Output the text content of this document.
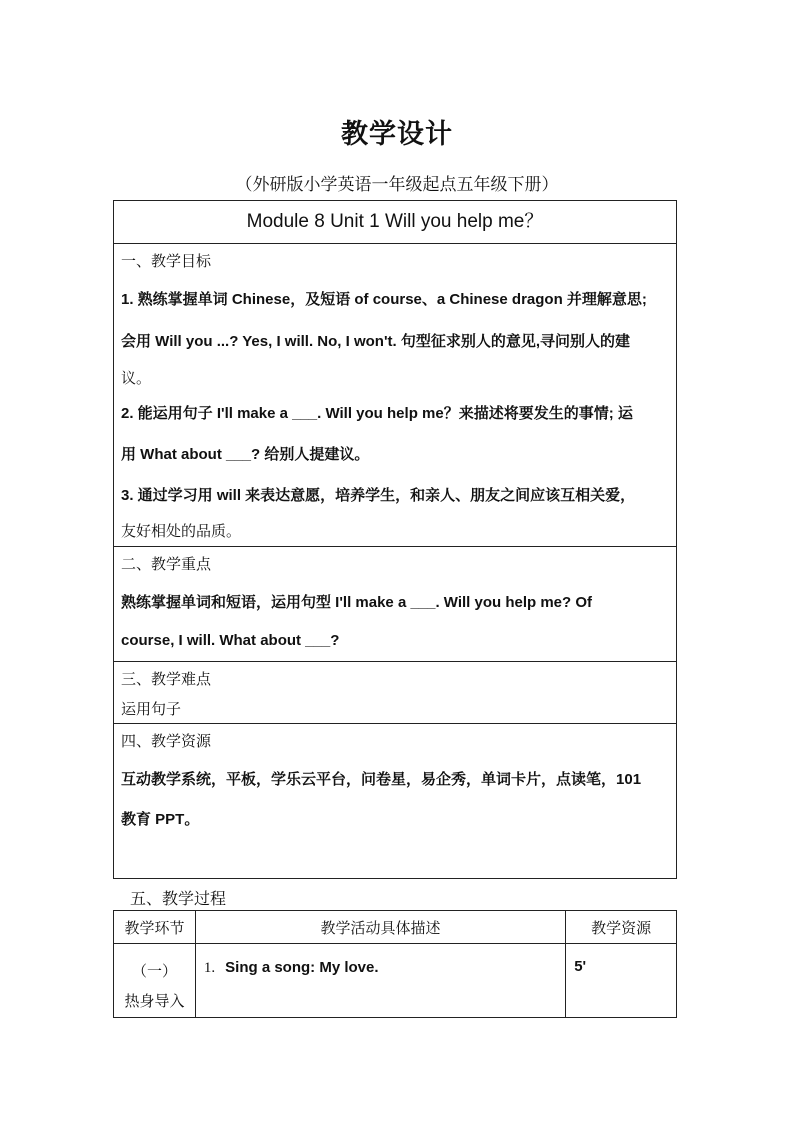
教学设计
（外研版小学英语一年级起点五年级下册）
Module 8 Unit 1 Will you help me？
一、教学目标
1. 熟练掌握单词 Chinese，及短语 of course、a Chinese dragon 并理解意思;
会用 Will you ...? Yes, I will. No, I won't. 句型征求别人的意见,寻问别人的建
议。
2. 能运用句子 I'll make a ___. Will you help me？来描述将要发生的事情; 运
用 What about ___? 给别人提建议。
3. 通过学习用 will 来表达意愿，培养学生，和亲人、朋友之间应该互相关爱，
友好相处的品质。
二、教学重点
熟练掌握单词和短语，运用句型 I'll make a ___. Will you help me? Of
course, I will. What about ___?
三、教学难点
运用句子
四、教学资源
互动教学系统，平板，学乐云平台，问卷星，易企秀，单词卡片，点读笔，101
教育 PPT。
五、教学过程
教学环节	教学活动具体描述	教学资源

（一）
热身导入	1. Sing a song: My love.	5'
